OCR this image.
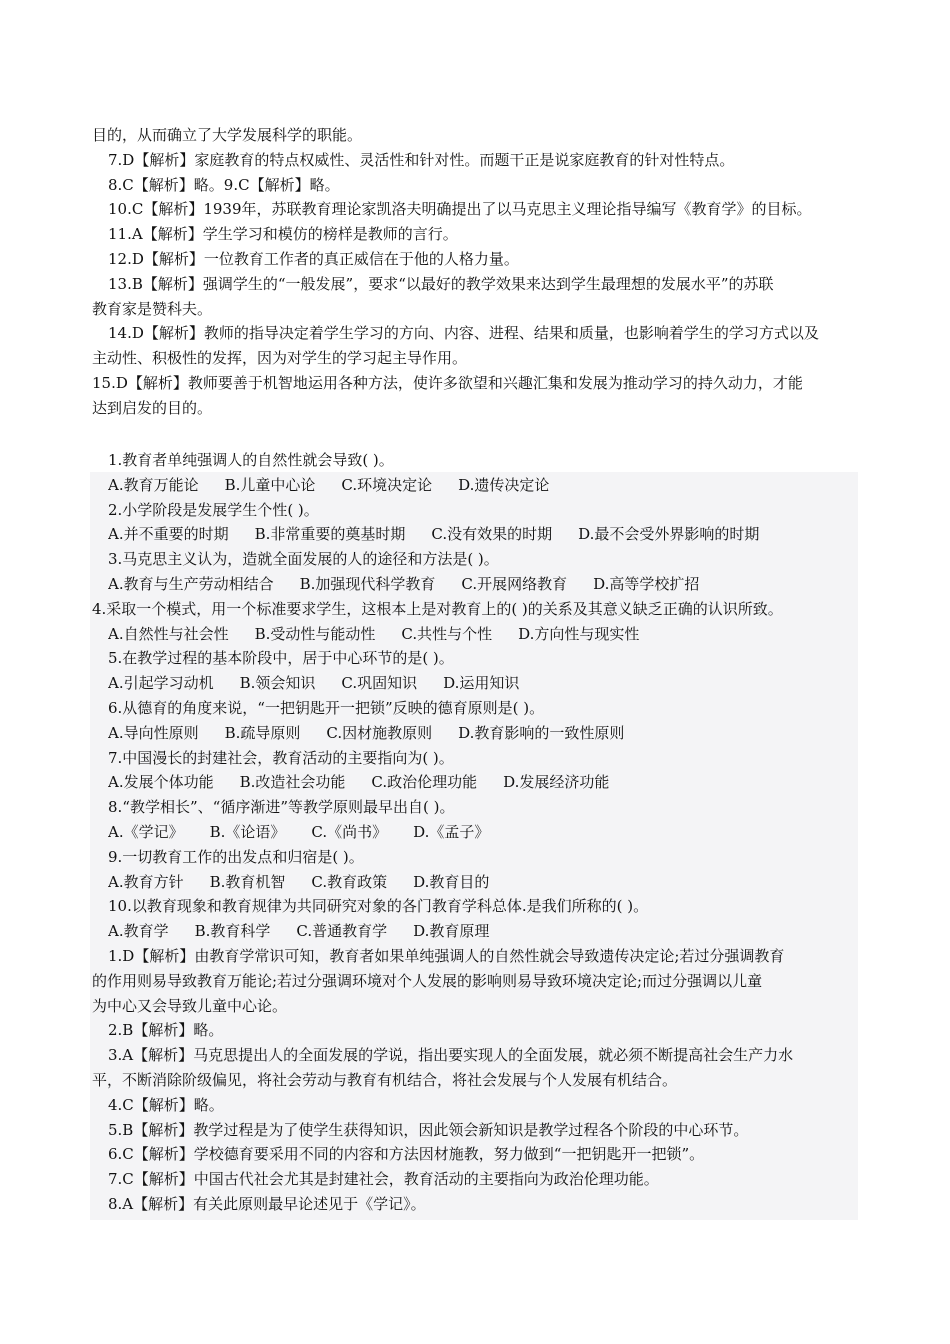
目的，从而确立了大学发展科学的职能。
7.D【解析】家庭教育的特点权威性、灵活性和针对性。而题干正是说家庭教育的针对性特点。
8.C【解析】略。9.C【解析】略。
10.C【解析】1939年，苏联教育理论家凯洛夫明确提出了以马克思主义理论指导编写《教育学》的目标。
11.A【解析】学生学习和模仿的榜样是教师的言行。
12.D【解析】一位教育工作者的真正威信在于他的人格力量。
13.B【解析】强调学生的“一般发展”，要求“以最好的教学效果来达到学生最理想的发展水平”的苏联
教育家是赞科夫。
14.D【解析】教师的指导决定着学生学习的方向、内容、进程、结果和质量，也影响着学生的学习方式以及
主动性、积极性的发挥，因为对学生的学习起主导作用。
15.D【解析】教师要善于机智地运用各种方法，使许多欲望和兴趣汇集和发展为推动学习的持久动力，才能
达到启发的目的。
1.教育者单纯强调人的自然性就会导致( )。
A.教育万能论 B.儿童中心论 C.环境决定论 D.遗传决定论
2.小学阶段是发展学生个性( )。
A.并不重要的时期 B.非常重要的奠基时期 C.没有效果的时期 D.最不会受外界影响的时期
3.马克思主义认为，造就全面发展的人的途径和方法是( )。
A.教育与生产劳动相结合 B.加强现代科学教育 C.开展网络教育 D.高等学校扩招
4.采取一个模式，用一个标准要求学生，这根本上是对教育上的( )的关系及其意义缺乏正确的认识所致。
A.自然性与社会性 B.受动性与能动性 C.共性与个性 D.方向性与现实性
5.在教学过程的基本阶段中，居于中心环节的是( )。
A.引起学习动机 B.领会知识 C.巩固知识 D.运用知识
6.从德育的角度来说，“一把钥匙开一把锁”反映的德育原则是( )。
A.导向性原则 B.疏导原则 C.因材施教原则 D.教育影响的一致性原则
7.中国漫长的封建社会，教育活动的主要指向为( )。
A.发展个体功能 B.改造社会功能 C.政治伦理功能 D.发展经济功能
8.“教学相长”、“循序渐进”等教学原则最早出自( )。
A.《学记》 B.《论语》 C.《尚书》 D.《孟子》
9.一切教育工作的出发点和归宿是( )。
A.教育方针 B.教育机智 C.教育政策 D.教育目的
10.以教育现象和教育规律为共同研究对象的各门教育学科总体.是我们所称的( )。
A.教育学 B.教育科学 C.普通教育学 D.教育原理
1.D【解析】由教育学常识可知，教育者如果单纯强调人的自然性就会导致遗传决定论;若过分强调教育
的作用则易导致教育万能论;若过分强调环境对个人发展的影响则易导致环境决定论;而过分强调以儿童
为中心又会导致儿童中心论。
2.B【解析】略。
3.A【解析】马克思提出人的全面发展的学说，指出要实现人的全面发展，就必须不断提高社会生产力水
平，不断消除阶级偏见，将社会劳动与教育有机结合，将社会发展与个人发展有机结合。
4.C【解析】略。
5.B【解析】教学过程是为了使学生获得知识，因此领会新知识是教学过程各个阶段的中心环节。
6.C【解析】学校德育要采用不同的内容和方法因材施教，努力做到“一把钥匙开一把锁”。
7.C【解析】中国古代社会尤其是封建社会，教育活动的主要指向为政治伦理功能。
8.A【解析】有关此原则最早论述见于《学记》。
